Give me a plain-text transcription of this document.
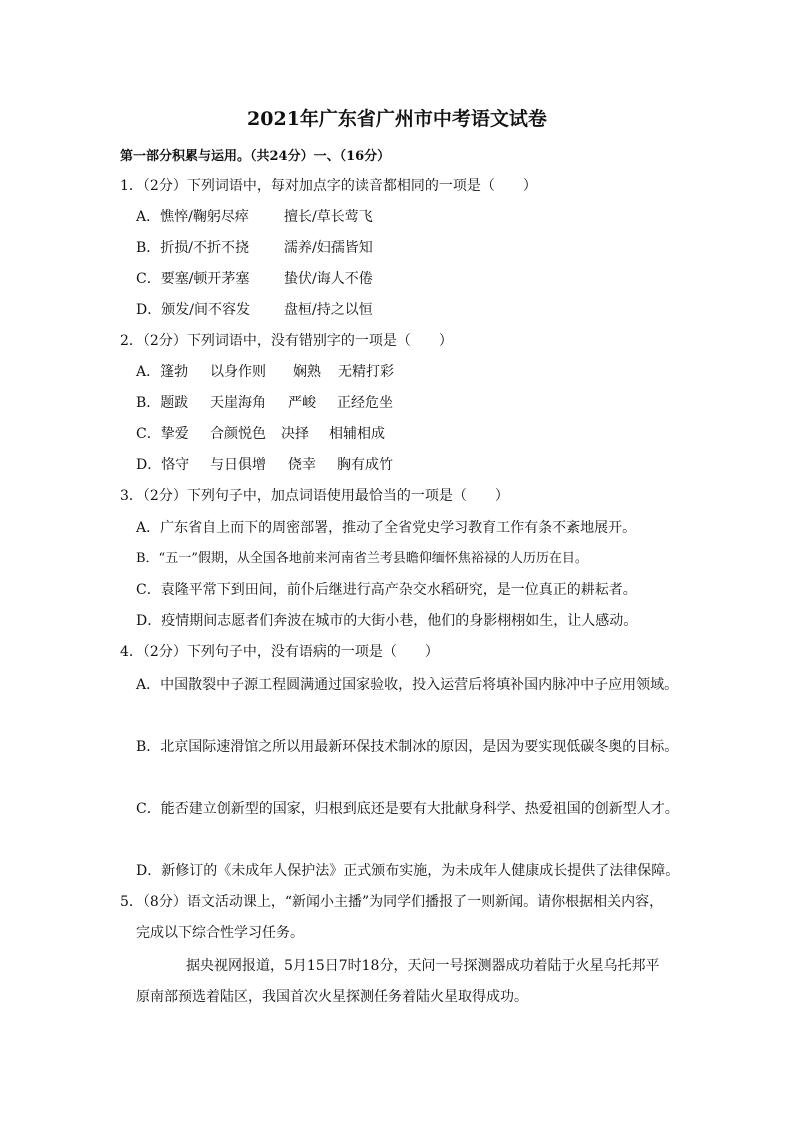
2021年广东省广州市中考语文试卷
第一部分积累与运用。（共24分）一、（16分）
1．（2分）下列词语中，每对加点字的读音都相同的一项是（　　）
A．憔悴/鞠躬尽瘁	擅长/草长莺飞
B．折损/不折不挠 濡养/妇孺皆知
C．要塞/顿开茅塞 蛰伏/诲人不倦
D．颁发/间不容发 盘桓/持之以恒
2．（2分）下列词语中，没有错别字的一项是（　　）
A．篷勃 以身作则 娴熟 无精打彩
B．题跋 天崖海角 严峻 正经危坐
C．挚爱 合颜悦色 决择 相辅相成
D．恪守 与日俱增 侥幸 胸有成竹
3．（2分）下列句子中，加点词语使用最恰当的一项是（　　）
A．广东省自上而下的周密部署，推动了全省党史学习教育工作有条不紊地展开。
B．“五一”假期，从全国各地前来河南省兰考县瞻仰缅怀焦裕禄的人历历在目。
C．袁隆平常下到田间，前仆后继进行高产杂交水稻研究，是一位真正的耕耘者。
D．疫情期间志愿者们奔波在城市的大街小巷，他们的身影栩栩如生，让人感动。
4．（2分）下列句子中，没有语病的一项是（　　）
A．中国散裂中子源工程圆满通过国家验收，投入运营后将填补国内脉冲中子应用领域。
B．北京国际速滑馆之所以用最新环保技术制冰的原因，是因为要实现低碳冬奥的目标。
C．能否建立创新型的国家，归根到底还是要有大批献身科学、热爱祖国的创新型人才。
D．新修订的《未成年人保护法》正式颁布实施，为未成年人健康成长提供了法律保障。
5．（8分）语文活动课上，“新闻小主播”为同学们播报了一则新闻。请你根据相关内容，
完成以下综合性学习任务。
据央视网报道，5月15日7时18分，天问一号探测器成功着陆于火星乌托邦平
原南部预选着陆区，我国首次火星探测任务着陆火星取得成功。
